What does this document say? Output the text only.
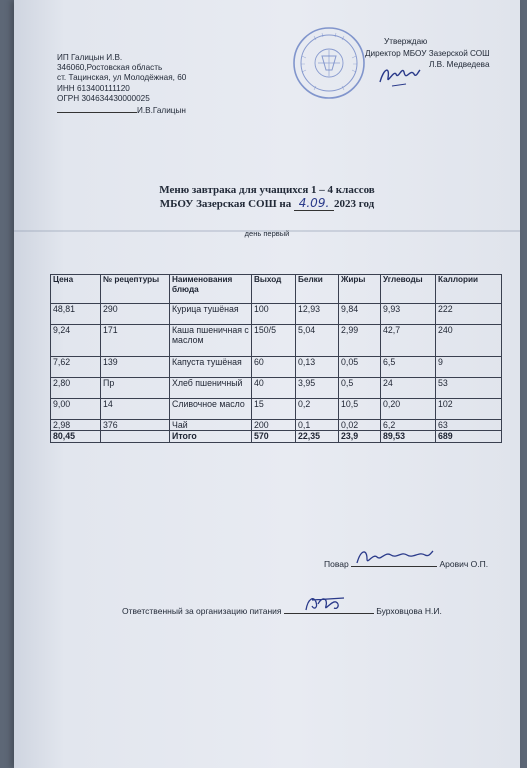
ИП Галицын И.В.
346060,Ростовская область
ст. Тацинская, ул Молодёжная, 60
ИНН 613400111120
ОГРН 304634430000025
И.В.Галицын
Утверждаю
Директор МБОУ Зазерской СОШ
Л.В. Медведева
Меню завтрака для учащихся 1 – 4 классов
МБОУ Зазерская СОШ на 4.09. 2023 год
день первый
Цена	№ рецептуры	Наименования блюда	Выход	Белки	Жиры	Углеводы	Каллории
48,81	290	Курица тушёная	100	12,93	9,84	9,93	222
9,24	171	Каша пшеничная с маслом	150/5	5,04	2,99	42,7	240
7,62	139	Капуста тушёная	60	0,13	0,05	6,5	9
2,80	Пр	Хлеб пшеничный	40	3,95	0,5	24	53
9,00	14	Сливочное масло	15	0,2	10,5	0,20	102
2,98	376	Чай	200	0,1	0,02	6,2	63
80,45		Итого	570	22,35	23,9	89,53	689
Повар	Арович О.П.
Ответственный за организацию питания	Бурховцова Н.И.
